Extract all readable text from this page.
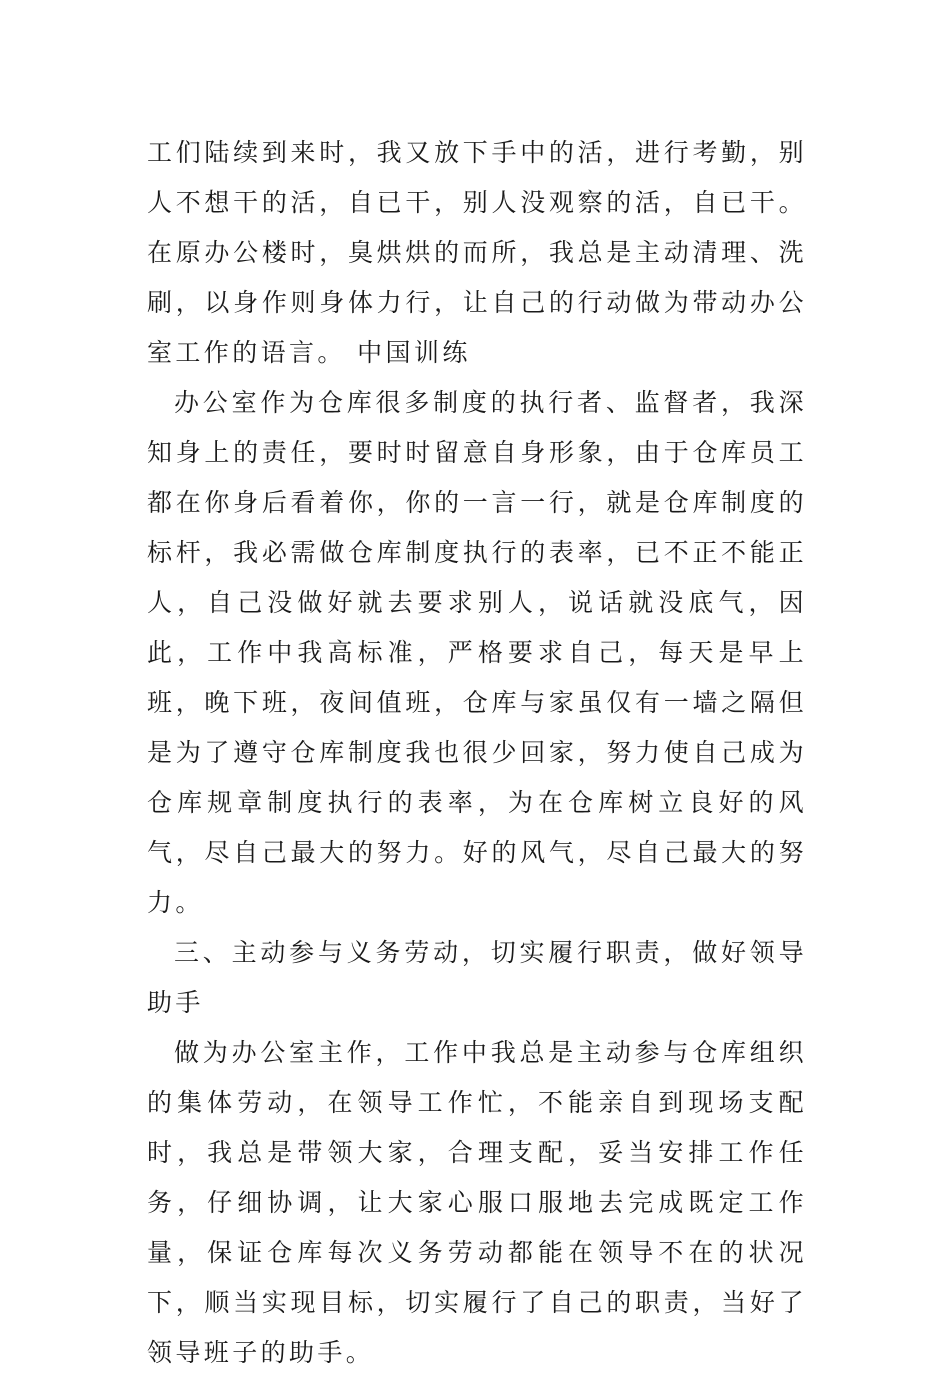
工们陆续到来时，我又放下手中的活，进行考勤，别人不想干的活，自已干，别人没观察的活，自已干。在原办公楼时，臭烘烘的而所，我总是主动清理、洗刷，以身作则身体力行，让自己的行动做为带动办公室工作的语言。 中国训练

办公室作为仓库很多制度的执行者、监督者，我深知身上的责任，要时时留意自身形象，由于仓库员工都在你身后看着你，你的一言一行，就是仓库制度的标杆，我必需做仓库制度执行的表率，已不正不能正人，自己没做好就去要求别人，说话就没底气，因此，工作中我高标准，严格要求自己，每天是早上班，晚下班，夜间值班，仓库与家虽仅有一墙之隔但是为了遵守仓库制度我也很少回家，努力使自己成为仓库规章制度执行的表率，为在仓库树立良好的风气，尽自己最大的努力。好的风气，尽自己最大的努力。

三、主动参与义务劳动，切实履行职责，做好领导助手

做为办公室主作，工作中我总是主动参与仓库组织的集体劳动，在领导工作忙，不能亲自到现场支配时，我总是带领大家，合理支配，妥当安排工作任务，仔细协调，让大家心服口服地去完成既定工作量，保证仓库每次义务劳动都能在领导不在的状况下，顺当实现目标，切实履行了自己的职责，当好了领导班子的助手。
